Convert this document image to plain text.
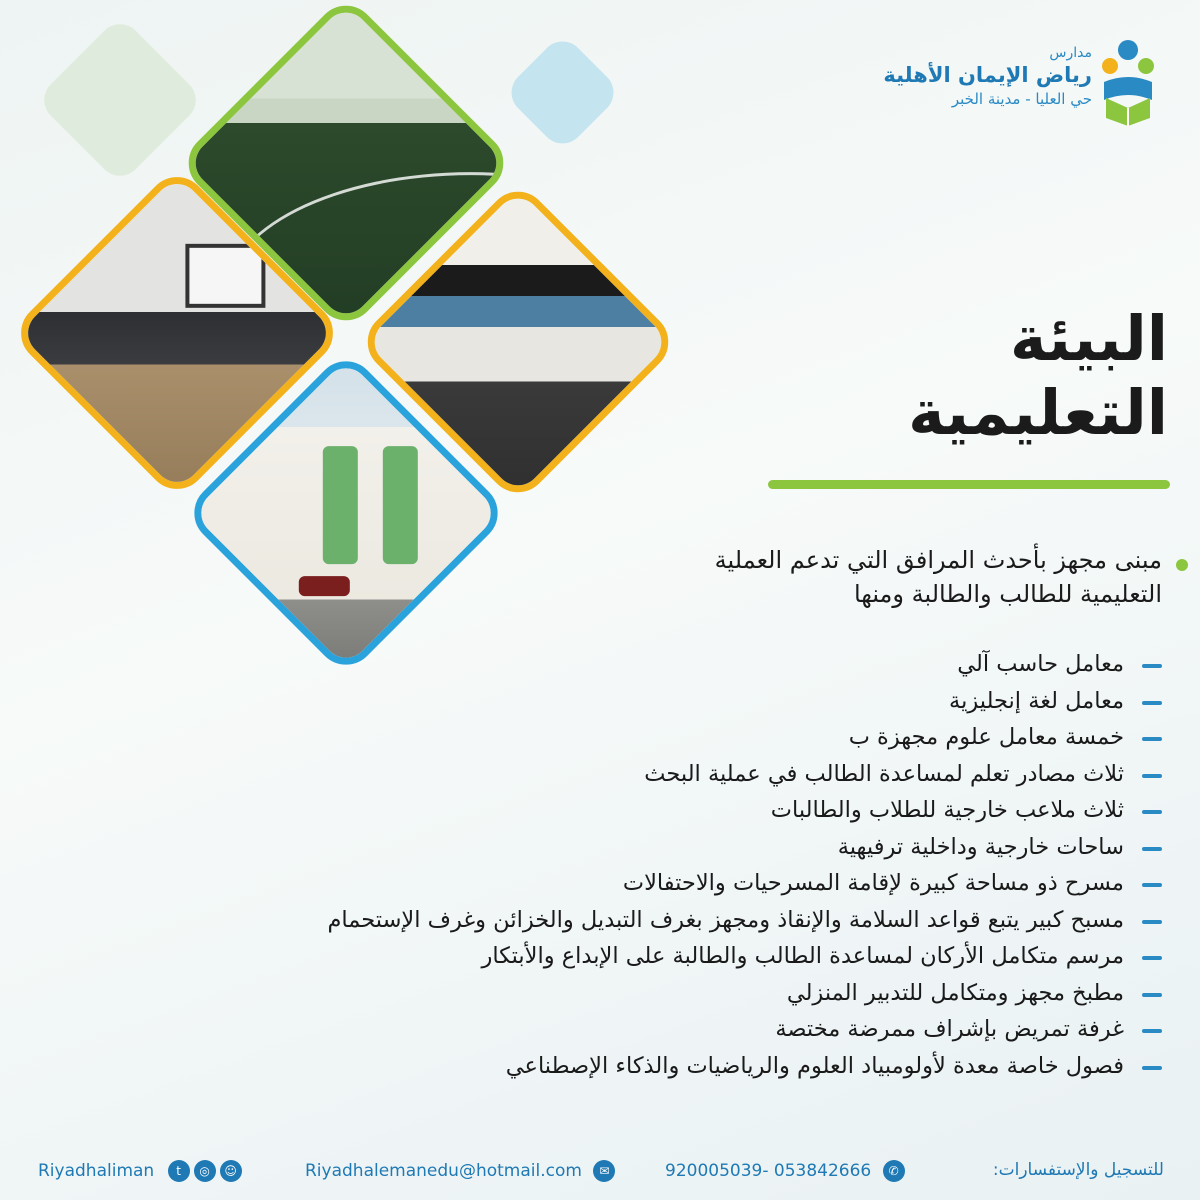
مدارس
رياض الإيمان الأهلية
حي العليا - مدينة الخبر
البيئة
التعليمية

مبنى مجهز بأحدث المرافق التي تدعم العملية

التعليمية للطالب والطالبة ومنها

معامل حاسب آلي
معامل لغة إنجليزية
خمسة معامل علوم مجهزة ب
ثلاث مصادر تعلم لمساعدة الطالب في عملية البحث
ثلاث ملاعب خارجية للطلاب والطالبات
ساحات خارجية وداخلية ترفيهية
مسرح ذو مساحة كبيرة لإقامة المسرحيات والاحتفالات
مسبح كبير يتبع قواعد السلامة والإنقاذ ومجهز بغرف التبديل والخزائن وغرف الإستحمام
مرسم متكامل الأركان لمساعدة الطالب والطالبة على الإبداع والأبتكار
مطبخ مجهز ومتكامل للتدبير المنزلي
غرفة تمريض بإشراف ممرضة مختصة
فصول خاصة معدة لأولومبياد العلوم والرياضيات والذكاء الإصطناعي
Riyadhaliman t ◎ ☺	Riyadhalemanedu@hotmail.com ✉	920005039- 053842666 ✆	للتسجيل والإستفسارات:
